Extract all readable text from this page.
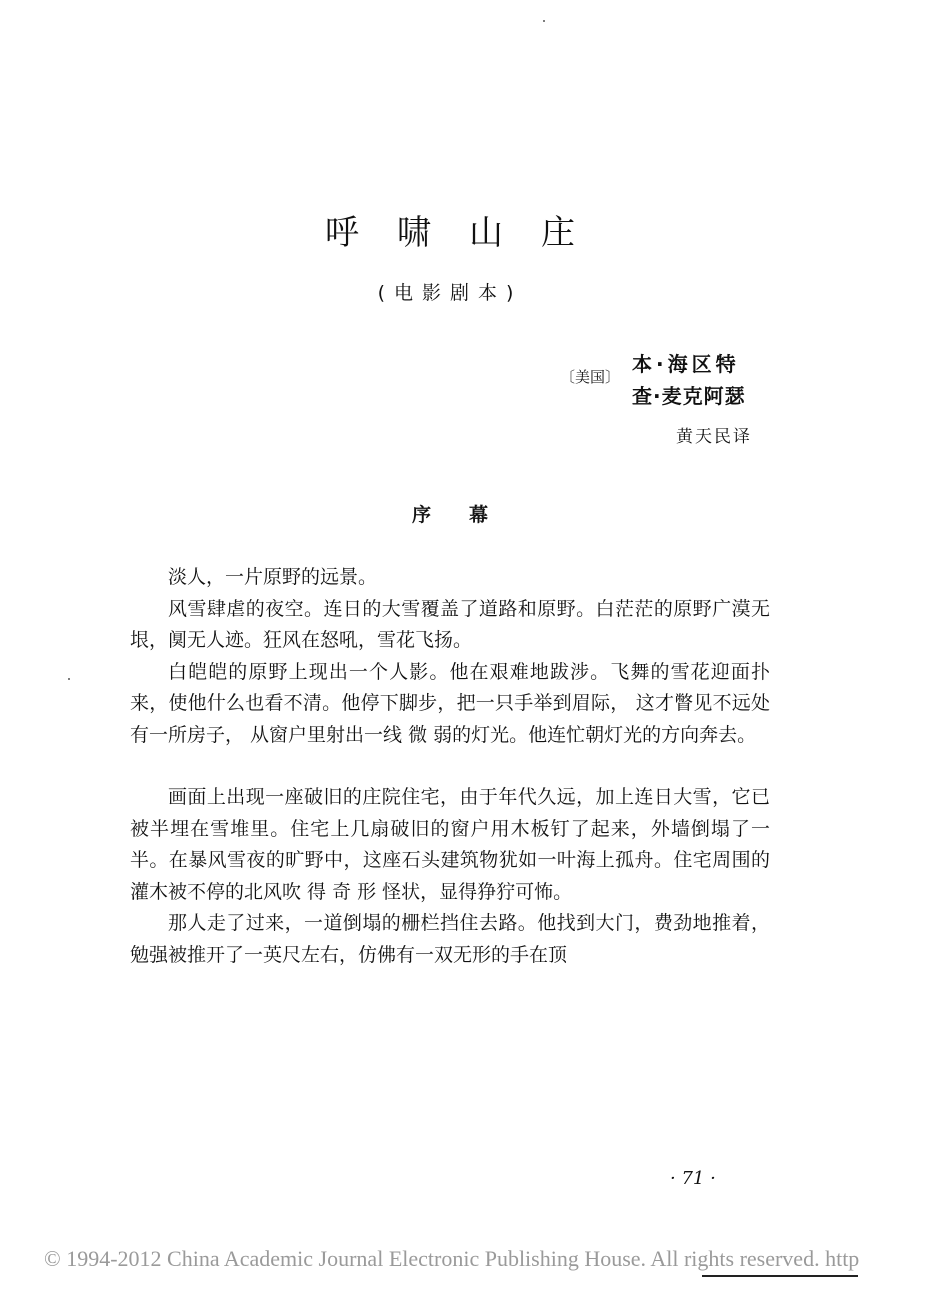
呼啸山庄
(电影剧本)
〔美国〕
本·海区特
查·麦克阿瑟
黄天民译
序幕

淡人，一片原野的远景。

风雪肆虐的夜空。连日的大雪覆盖了道路和原野。白茫茫的原野广漠无垠，阒无人迹。狂风在怒吼，雪花飞扬。

白皑皑的原野上现出一个人影。他在艰难地跋涉。飞舞的雪花迎面扑来，使他什么也看不清。他停下脚步，把一只手举到眉际， 这才瞥见不远处有一所房子， 从窗户里射出一线 微 弱的灯光。他连忙朝灯光的方向奔去。

画面上出现一座破旧的庄院住宅，由于年代久远，加上连日大雪，它已被半埋在雪堆里。住宅上几扇破旧的窗户用木板钉了起来，外墙倒塌了一半。在暴风雪夜的旷野中，这座石头建筑物犹如一叶海上孤舟。住宅周围的灌木被不停的北风吹 得 奇 形 怪状，显得狰狞可怖。

那人走了过来，一道倒塌的栅栏挡住去路。他找到大门，费劲地推着，勉强被推开了一英尺左右，仿佛有一双无形的手在顶

· 71 ·
© 1994-2012 China Academic Journal Electronic Publishing House. All rights reserved. http
